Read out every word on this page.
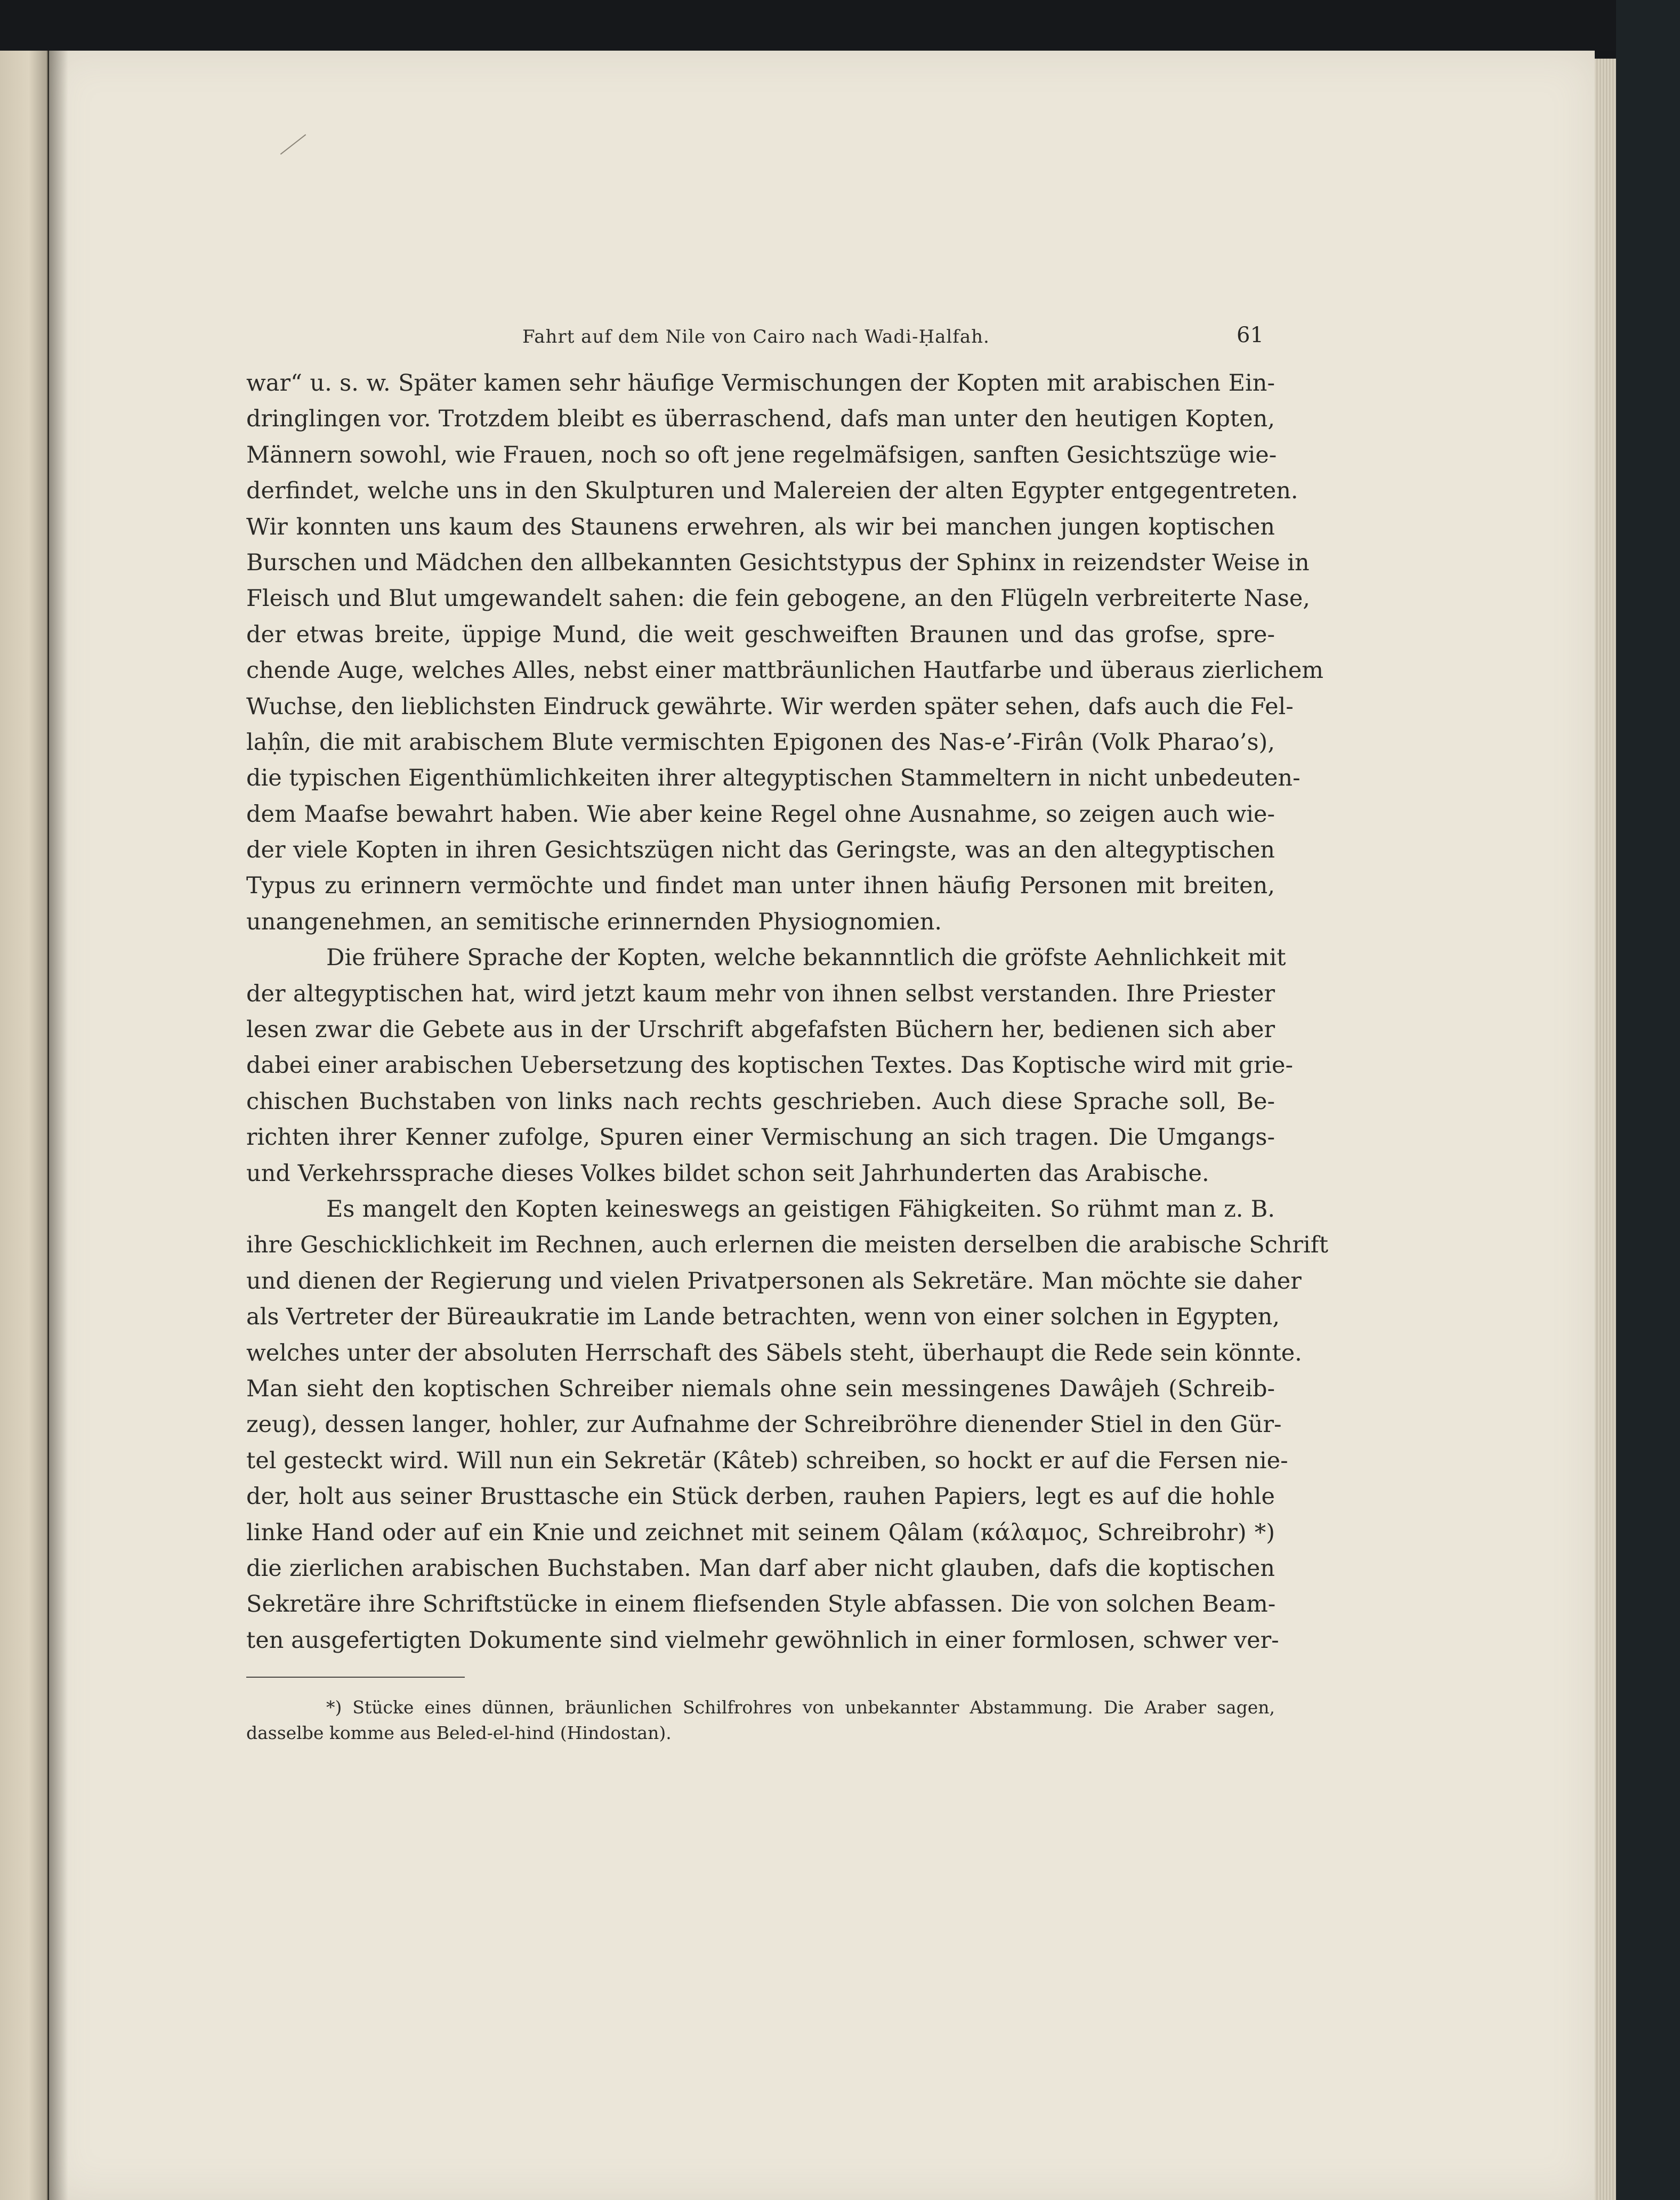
Fahrt auf dem Nile von Cairo nach Wadi-Ḥalfah.	61
war“ u. s. w. Später kamen sehr häufige Vermischungen der Kopten mit arabischen Ein-
dringlingen vor. Trotzdem bleibt es überraschend, dafs man unter den heutigen Kopten,
Männern sowohl, wie Frauen, noch so oft jene regelmäfsigen, sanften Gesichtszüge wie-
derfindet, welche uns in den Skulpturen und Malereien der alten Egypter entgegentreten.
Wir konnten uns kaum des Staunens erwehren, als wir bei manchen jungen koptischen
Burschen und Mädchen den allbekannten Gesichtstypus der Sphinx in reizendster Weise in
Fleisch und Blut umgewandelt sahen: die fein gebogene, an den Flügeln verbreiterte Nase,
der etwas breite, üppige Mund, die weit geschweiften Braunen und das grofse, spre-
chende Auge, welches Alles, nebst einer mattbräunlichen Hautfarbe und überaus zierlichem
Wuchse, den lieblichsten Eindruck gewährte. Wir werden später sehen, dafs auch die Fel-
laḥîn, die mit arabischem Blute vermischten Epigonen des Nas-e’-Firân (Volk Pharao’s),
die typischen Eigenthümlichkeiten ihrer altegyptischen Stammeltern in nicht unbedeuten-
dem Maafse bewahrt haben. Wie aber keine Regel ohne Ausnahme, so zeigen auch wie-
der viele Kopten in ihren Gesichtszügen nicht das Geringste, was an den altegyptischen
Typus zu erinnern vermöchte und findet man unter ihnen häufig Personen mit breiten,
unangenehmen, an semitische erinnernden Physiognomien.
Die frühere Sprache der Kopten, welche bekannntlich die gröfste Aehnlichkeit mit
der altegyptischen hat, wird jetzt kaum mehr von ihnen selbst verstanden. Ihre Priester
lesen zwar die Gebete aus in der Urschrift abgefafsten Büchern her, bedienen sich aber
dabei einer arabischen Uebersetzung des koptischen Textes. Das Koptische wird mit grie-
chischen Buchstaben von links nach rechts geschrieben. Auch diese Sprache soll, Be-
richten ihrer Kenner zufolge, Spuren einer Vermischung an sich tragen. Die Umgangs-
und Verkehrssprache dieses Volkes bildet schon seit Jahrhunderten das Arabische.
Es mangelt den Kopten keineswegs an geistigen Fähigkeiten. So rühmt man z. B.
ihre Geschicklichkeit im Rechnen, auch erlernen die meisten derselben die arabische Schrift
und dienen der Regierung und vielen Privatpersonen als Sekretäre. Man möchte sie daher
als Vertreter der Büreaukratie im Lande betrachten, wenn von einer solchen in Egypten,
welches unter der absoluten Herrschaft des Säbels steht, überhaupt die Rede sein könnte.
Man sieht den koptischen Schreiber niemals ohne sein messingenes Dawâjeh (Schreib-
zeug), dessen langer, hohler, zur Aufnahme der Schreibröhre dienender Stiel in den Gür-
tel gesteckt wird. Will nun ein Sekretär (Kâteb) schreiben, so hockt er auf die Fersen nie-
der, holt aus seiner Brusttasche ein Stück derben, rauhen Papiers, legt es auf die hohle
linke Hand oder auf ein Knie und zeichnet mit seinem Qâlam (κάλαμος, Schreibrohr) *)
die zierlichen arabischen Buchstaben. Man darf aber nicht glauben, dafs die koptischen
Sekretäre ihre Schriftstücke in einem fliefsenden Style abfassen. Die von solchen Beam-
ten ausgefertigten Dokumente sind vielmehr gewöhnlich in einer formlosen, schwer ver-
*) Stücke eines dünnen, bräunlichen Schilfrohres von unbekannter Abstammung. Die Araber sagen,
dasselbe komme aus Beled-el-hind (Hindostan).
